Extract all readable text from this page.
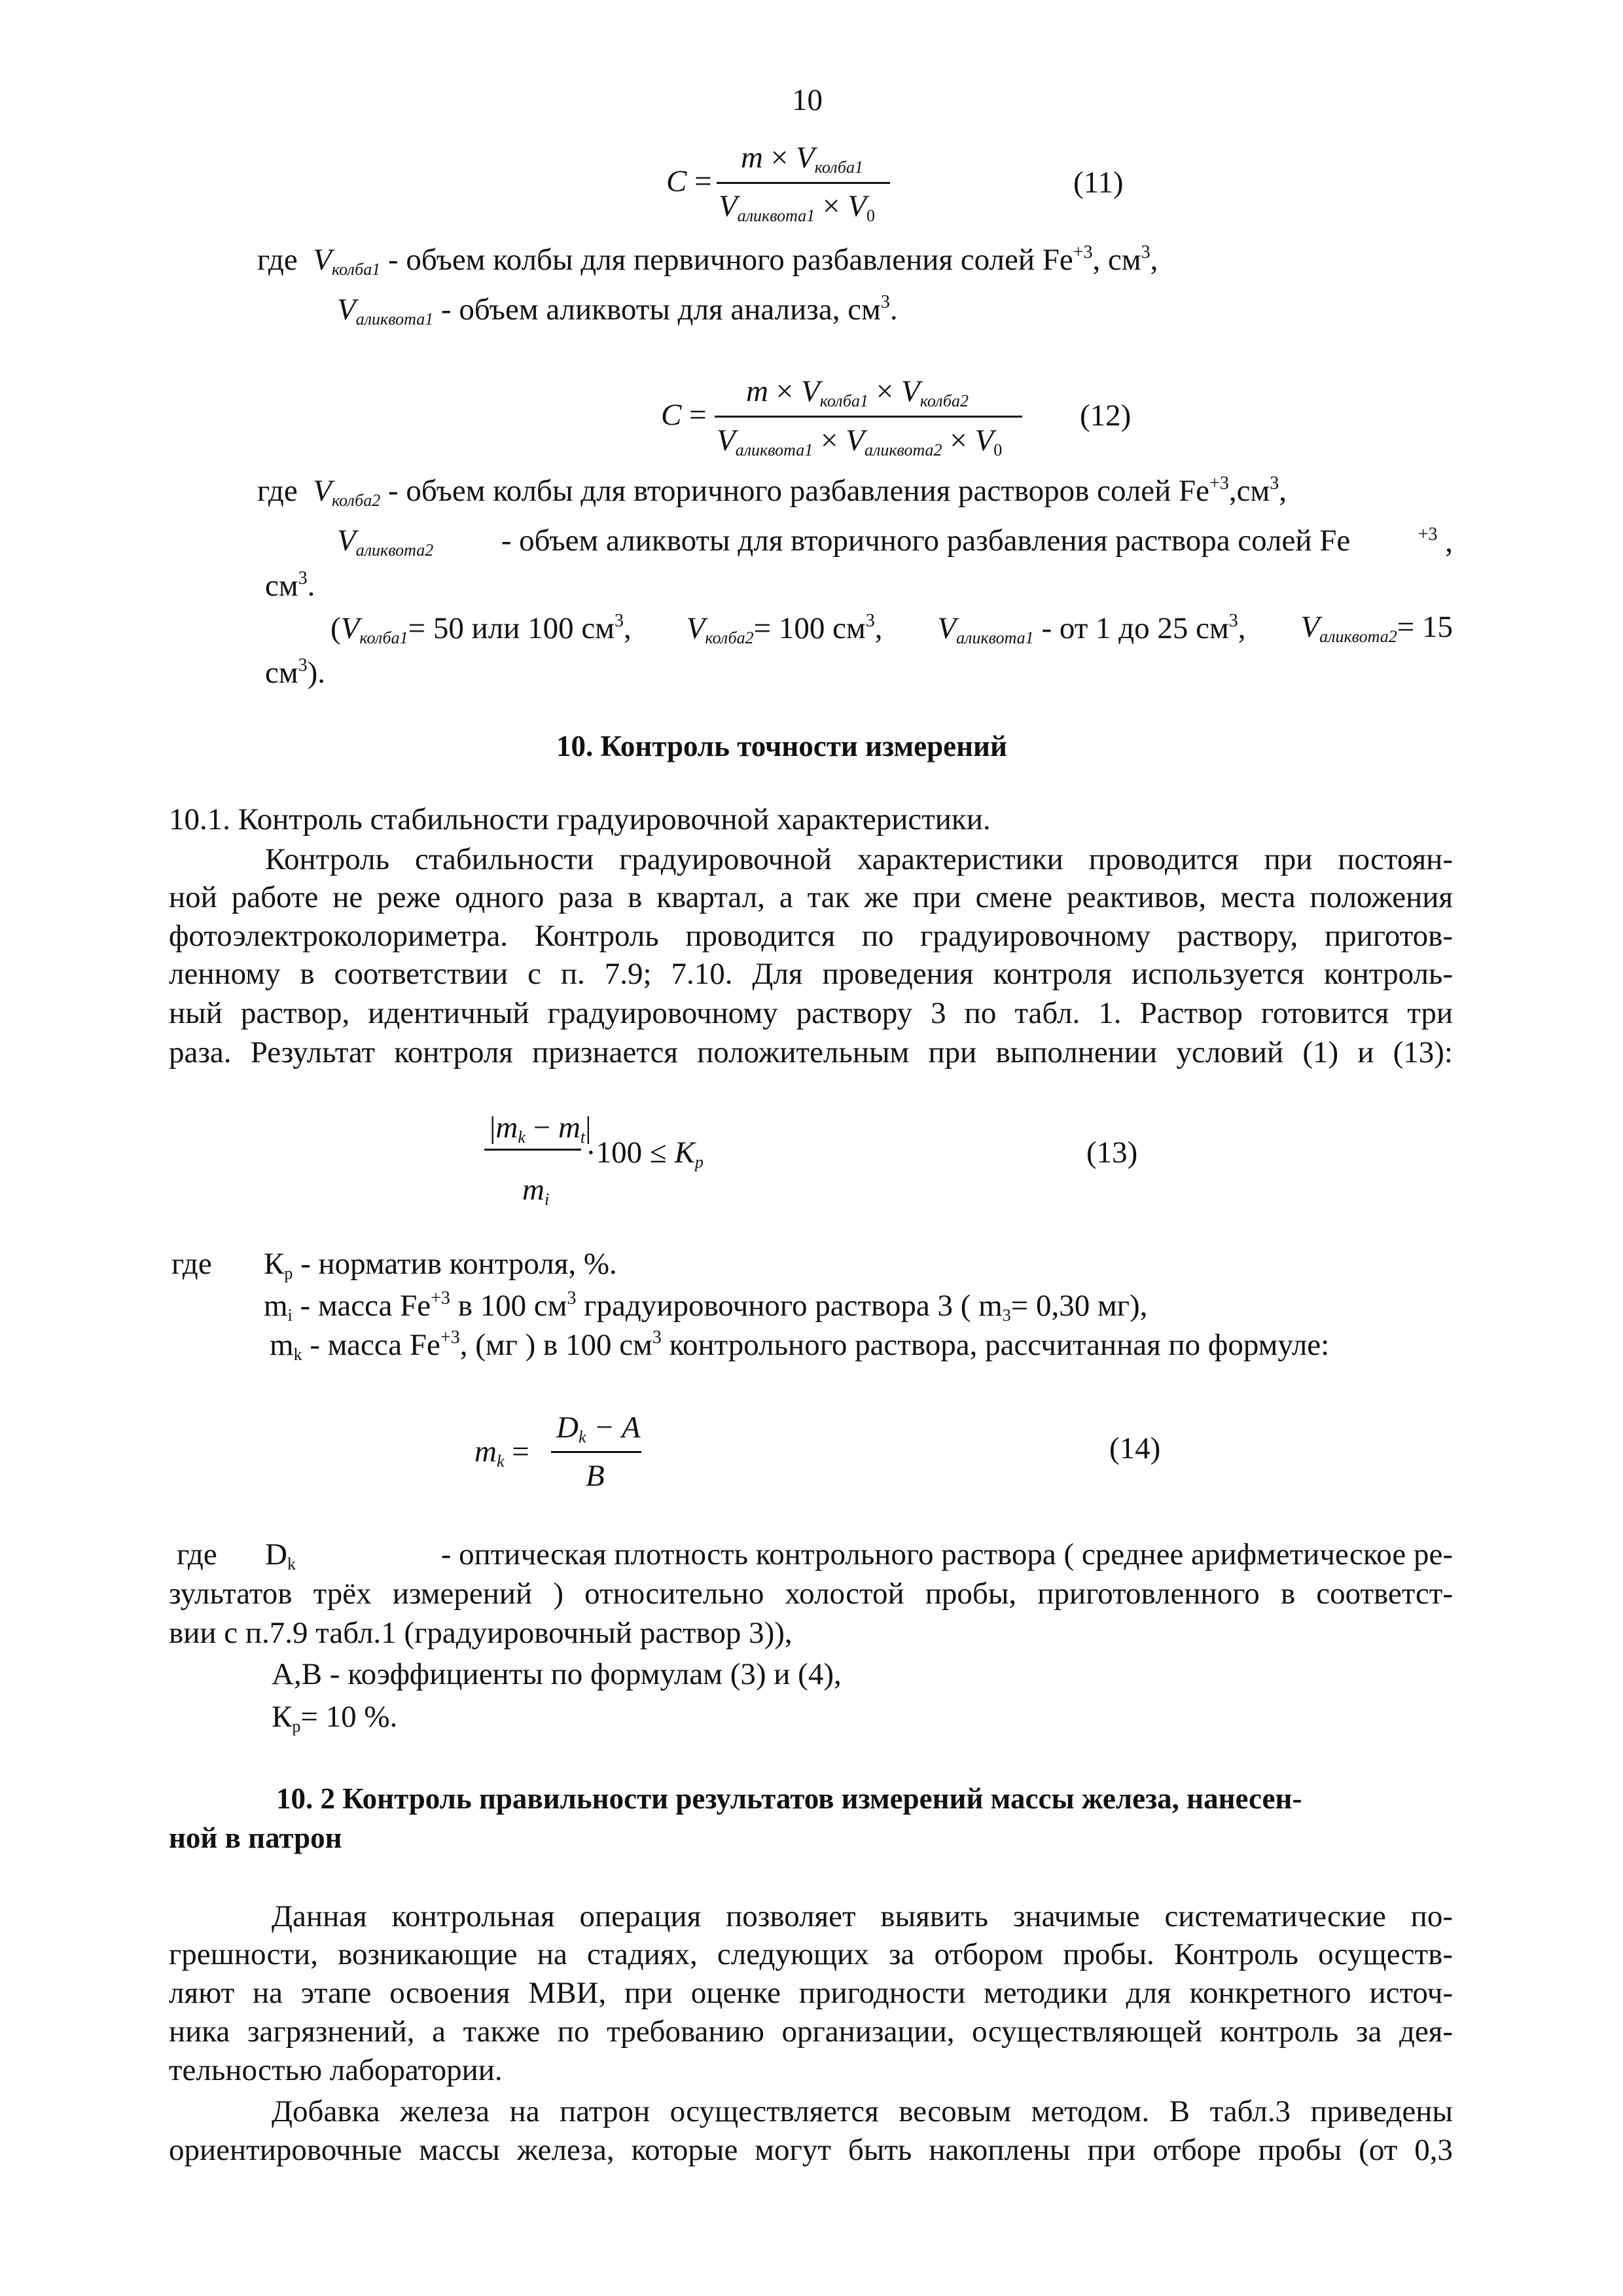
10
C =
$m \times V_{колба1}$
$V_{аликвота1} \times V_0$
(11)
где $V_{колба1}$ - объем колбы для первичного разбавления солей $Fe^{+3}$, $см^3$,
$V_{аликвота1}$ - объем аликвоты для анализа, $см^3$.
C =
$m \times V_{колба1} \times V_{колба2}$
$V_{аликвота1} \times V_{аликвота2} \times V_0$
(12)
где $V_{колба2}$ - объем колбы для вторичного разбавления растворов солей $Fe^{+3},см^3$,
$V_{аликвота2}$ - объем аликвоты для вторичного разбавления раствора солей Fe	$^{+3}$ ,
$см^3$.
($V_{колба1}= 50$ или 100 $см^3$, $V_{колба2}= 100$ $см^3$, $V_{аликвота1}$ - от 1 до 25 $см^3$, $V_{аликвота2}= 15$
$см^3$).
10. Контроль точности измерений
10.1. Контроль стабильности градуировочной характеристики.
Контроль стабильности градуировочной характеристики проводится при постоян-
ной работе не реже одного раза в квартал, а так же при смене реактивов, места положения
фотоэлектроколориметра. Контроль проводится по градуировочному раствору, приготов-
ленному в соответствии с п. 7.9; 7.10. Для проведения контроля используется контроль-
ный раствор, идентичный градуировочному раствору 3 по табл. 1. Раствор готовится три
раза. Результат контроля признается положительным при выполнении условий (1) и (13):
$|m_k - m_t|$
$m_i$
$\cdot 100 \le K_p$	(13)
где $К_р$ - норматив контроля, %.
$m_i$ - масса $Fe^{+3}$ в 100 $см^3$ градуировочного раствора 3 ( $m_3= 0,30$ мг),
$m_k$ - масса $Fe^{+3}$, (мг ) в 100 $см^3$ контрольного раствора, рассчитанная по формуле:
$m_k$ =
$D_k - A$
B
(14)
где $D_k$	- оптическая плотность контрольного раствора ( среднее арифметическое ре-
зультатов трёх измерений ) относительно холостой пробы, приготовленного в соответст-
вии с п.7.9 табл.1 (градуировочный раствор 3)),
A,B - коэффициенты по формулам (3) и (4),
$К_р= 10$ %.
10. 2 Контроль правильности результатов измерений массы железа, нанесен-
ной в патрон
Данная контрольная операция позволяет выявить значимые систематические по-
грешности, возникающие на стадиях, следующих за отбором пробы. Контроль осуществ-
ляют на этапе освоения МВИ, при оценке пригодности методики для конкретного источ-
ника загрязнений, а также по требованию организации, осуществляющей контроль за дея-
тельностью лаборатории.
Добавка железа на патрон осуществляется весовым методом. В табл.3 приведены
ориентировочные массы железа, которые могут быть накоплены при отборе пробы (от 0,3
